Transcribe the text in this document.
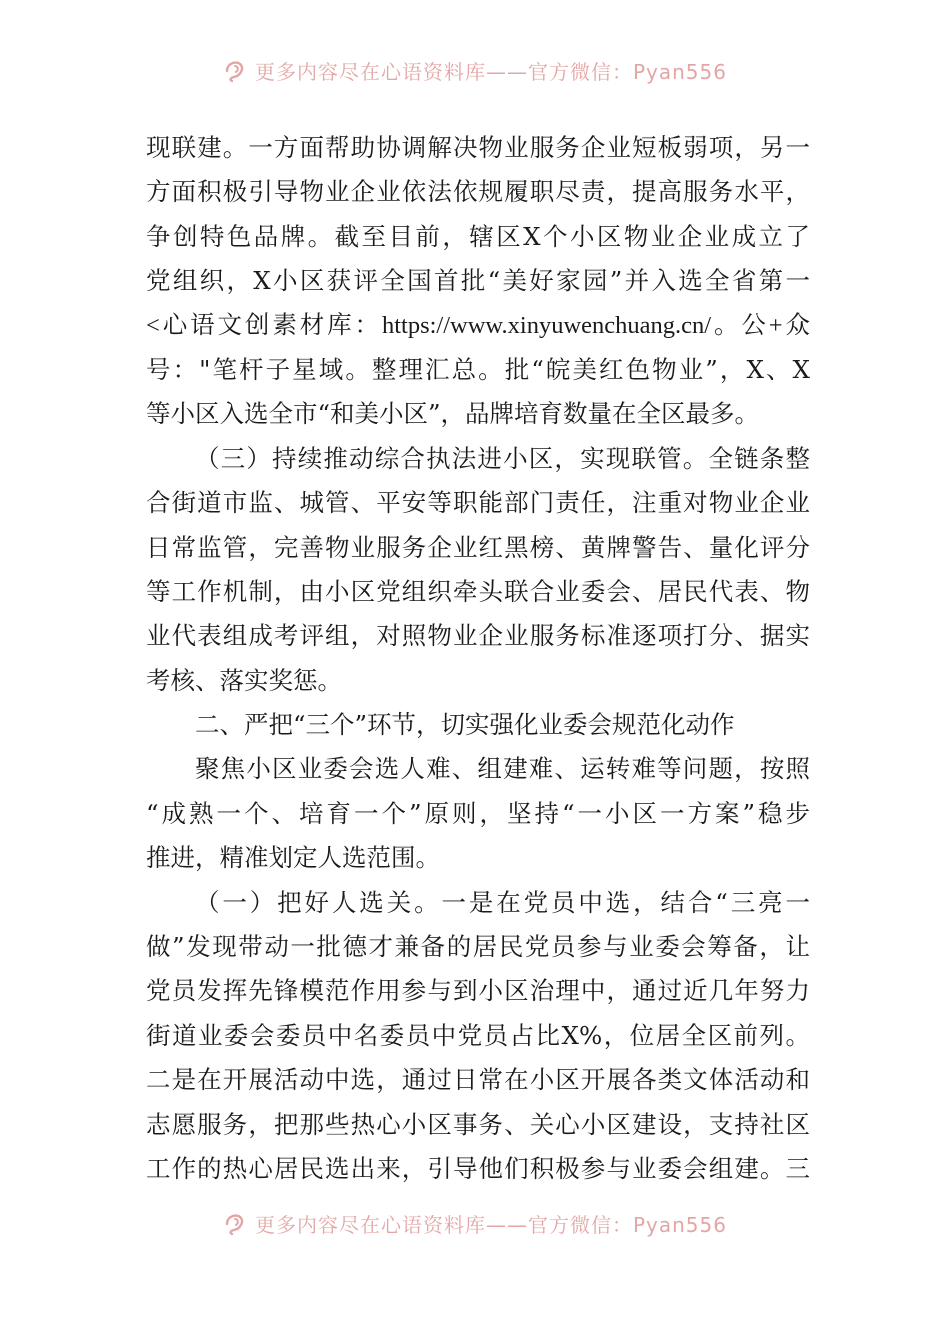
更多内容尽在心语资料库——官方微信：Pyan556
现联建。一方面帮助协调解决物业服务企业短板弱项，另一
方面积极引导物业企业依法依规履职尽责，提高服务水平，
争创特色品牌。截至目前，辖区X个小区物业企业成立了
党组织，X小区获评全国首批“美好家园”并入选全省第一
<心语文创素材库：https://www.xinyuwenchuang.cn/。公+众
号："笔杆子星域。整理汇总。批“皖美红色物业”，X、X
等小区入选全市“和美小区”，品牌培育数量在全区最多。
（三）持续推动综合执法进小区，实现联管。全链条整
合街道市监、城管、平安等职能部门责任，注重对物业企业
日常监管，完善物业服务企业红黑榜、黄牌警告、量化评分
等工作机制，由小区党组织牵头联合业委会、居民代表、物
业代表组成考评组，对照物业企业服务标准逐项打分、据实
考核、落实奖惩。
二、严把“三个”环节，切实强化业委会规范化动作
聚焦小区业委会选人难、组建难、运转难等问题，按照
“成熟一个、培育一个”原则，坚持“一小区一方案”稳步
推进，精准划定人选范围。
（一）把好人选关。一是在党员中选，结合“三亮一
做”发现带动一批德才兼备的居民党员参与业委会筹备，让
党员发挥先锋模范作用参与到小区治理中，通过近几年努力
街道业委会委员中名委员中党员占比X%，位居全区前列。
二是在开展活动中选，通过日常在小区开展各类文体活动和
志愿服务，把那些热心小区事务、关心小区建设，支持社区
工作的热心居民选出来，引导他们积极参与业委会组建。三
更多内容尽在心语资料库——官方微信：Pyan556
